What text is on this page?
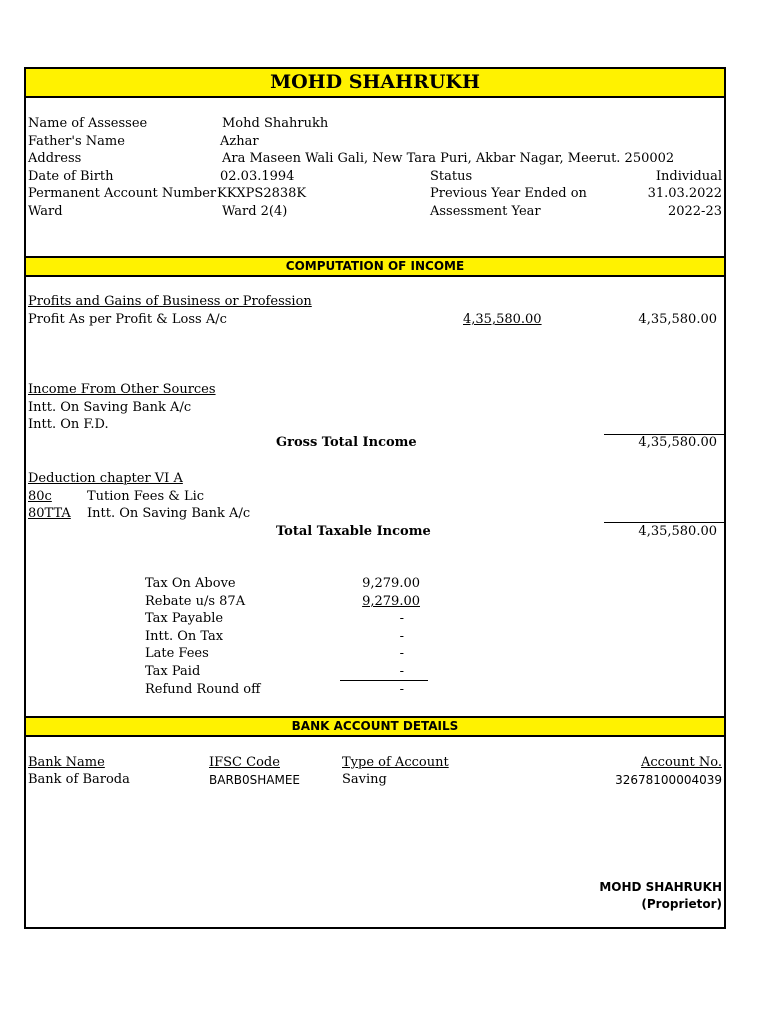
MOHD SHAHRUKH
Name of Assessee	Mohd Shahrukh
Father's Name	Azhar
Address	Ara Maseen Wali Gali, New Tara Puri, Akbar Nagar, Meerut. 250002
Date of Birth	02.03.1994	Status	Individual
Permanent Account Number KKXPS2838K	Previous Year Ended on	31.03.2022
Ward	Ward 2(4)	Assessment Year	2022-23
COMPUTATION OF INCOME
Profits and Gains of Business or Profession
Profit As per Profit & Loss A/c	4,35,580.00	4,35,580.00
Income From Other Sources
Intt. On Saving Bank A/c
Intt. On F.D.
Gross Total Income	4,35,580.00
Deduction chapter VI A
80c	Tution Fees & Lic
80TTA Intt. On Saving Bank A/c
Total Taxable Income	4,35,580.00
Tax On Above	9,279.00
Rebate u/s 87A	9,279.00
Tax Payable	-
Intt. On Tax	-
Late Fees	-
Tax Paid	-
Refund Round off	-
BANK ACCOUNT DETAILS
Bank Name	IFSC Code	Type of Account	Account No.
Bank of Baroda	BARB0SHAMEE	Saving	32678100004039
MOHD SHAHRUKH
(Proprietor)
